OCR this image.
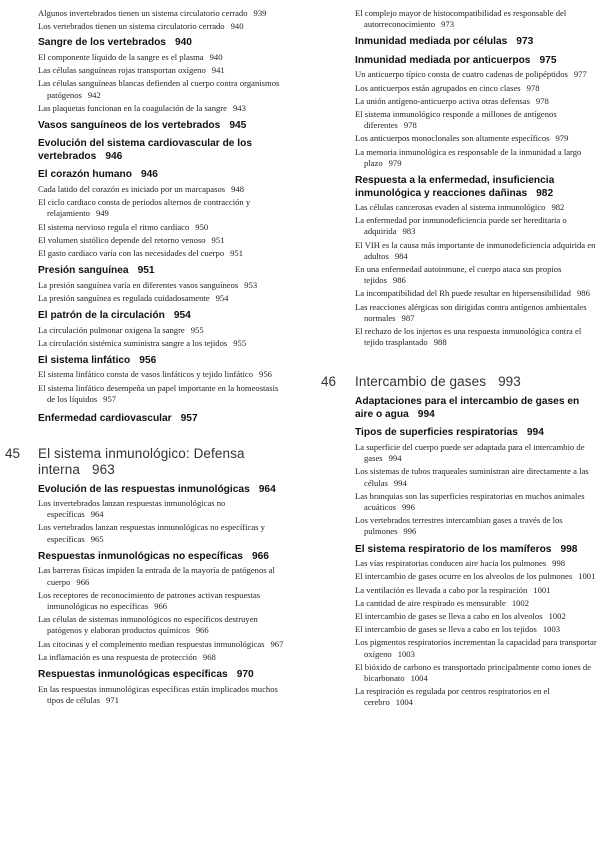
Algunos invertebrados tienen un sistema circulatorio cerrado 939
Los vertebrados tienen un sistema circulatorio cerrado 940
Sangre de los vertebrados 940
El componente líquido de la sangre es el plasma 940
Las células sanguíneas rojas transportan oxígeno 941
Las células sanguíneas blancas defienden al cuerpo contra organismos patógenos 942
Las plaquetas funcionan en la coagulación de la sangre 943
Vasos sanguíneos de los vertebrados 945
Evolución del sistema cardiovascular de los vertebrados 946
El corazón humano 946
Cada latido del corazón es iniciado por un marcapasos 948
El ciclo cardiaco consta de periodos alternos de contracción y relajamiento 949
El sistema nervioso regula el ritmo cardiaco 950
El volumen sistólico depende del retorno venoso 951
El gasto cardiaco varía con las necesidades del cuerpo 951
Presión sanguínea 951
La presión sanguínea varía en diferentes vasos sanguíneos 953
La presión sanguínea es regulada cuidadosamente 954
El patrón de la circulación 954
La circulación pulmonar oxigena la sangre 955
La circulación sistémica suministra sangre a los tejidos 955
El sistema linfático 956
El sistema linfático consta de vasos linfáticos y tejido linfático 956
El sistema linfático desempeña un papel importante en la homeostasis de los líquidos 957
Enfermedad cardiovascular 957
45 El sistema inmunológico: Defensa interna 963
Evolución de las respuestas inmunológicas 964
Los invertebrados lanzan respuestas inmunológicas no específicas 964
Los vertebrados lanzan respuestas inmunológicas no específicas y específicas 965
Respuestas inmunológicas no específicas 966
Las barreras físicas impiden la entrada de la mayoría de patógenos al cuerpo 966
Los receptores de reconocimiento de patrones activan respuestas inmunológicas no específicas 966
Las células de sistemas inmunológicos no específicos destruyen patógenos y elaboran productos químicos 966
Las citocinas y el complemento median respuestas inmunológicas 967
La inflamación es una respuesta de protección 968
Respuestas inmunológicas específicas 970
En las respuestas inmunológicas específicas están implicados muchos tipos de células 971
El complejo mayor de histocompatibilidad es responsable del autorreconocimiento 973
Inmunidad mediada por células 973
Inmunidad mediada por anticuerpos 975
Un anticuerpo típico consta de cuatro cadenas de polipéptidos 977
Los anticuerpos están agrupados en cinco clases 978
La unión antígeno-anticuerpo activa otras defensas 978
El sistema inmunológico responde a millones de antígenos diferentes 978
Los anticuerpos monoclonales son altamente específicos 979
La memoria inmunológica es responsable de la inmunidad a largo plazo 979
Respuesta a la enfermedad, insuficiencia inmunológica y reacciones dañinas 982
Las células cancerosas evaden al sistema inmunológico 982
La enfermedad por inmunodeficiencia puede ser hereditaria o adquirida 983
El VIH es la causa más importante de inmunodeficiencia adquirida en adultos 984
En una enfermedad autoinmune, el cuerpo ataca sus propios tejidos 986
La incompatibilidad del Rh puede resultar en hipersensibilidad 986
Las reacciones alérgicas son dirigidas contra antígenos ambientales normales 987
El rechazo de los injertos es una respuesta inmunológica contra el tejido trasplantado 988
46 Intercambio de gases 993
Adaptaciones para el intercambio de gases en aire o agua 994
Tipos de superficies respiratorias 994
La superficie del cuerpo puede ser adaptada para el intercambio de gases 994
Los sistemas de tubos traqueales suministran aire directamente a las células 994
Las branquias son las superficies respiratorias en muchos animales acuáticos 996
Los vertebrados terrestres intercambian gases a través de los pulmones 996
El sistema respiratorio de los mamíferos 998
Las vías respiratorias conducen aire hacia los pulmones 998
El intercambio de gases ocurre en los alveolos de los pulmones 1001
La ventilación es llevada a cabo por la respiración 1001
La cantidad de aire respirado es mensurable 1002
El intercambio de gases se lleva a cabo en los alveolos 1002
El intercambio de gases se lleva a cabo en los tejidos 1003
Los pigmentos respiratorios incrementan la capacidad para transportar oxígeno 1003
El bióxido de carbono es transportado principalmente como iones de bicarbonato 1004
La respiración es regulada por centros respiratorios en el cerebro 1004
